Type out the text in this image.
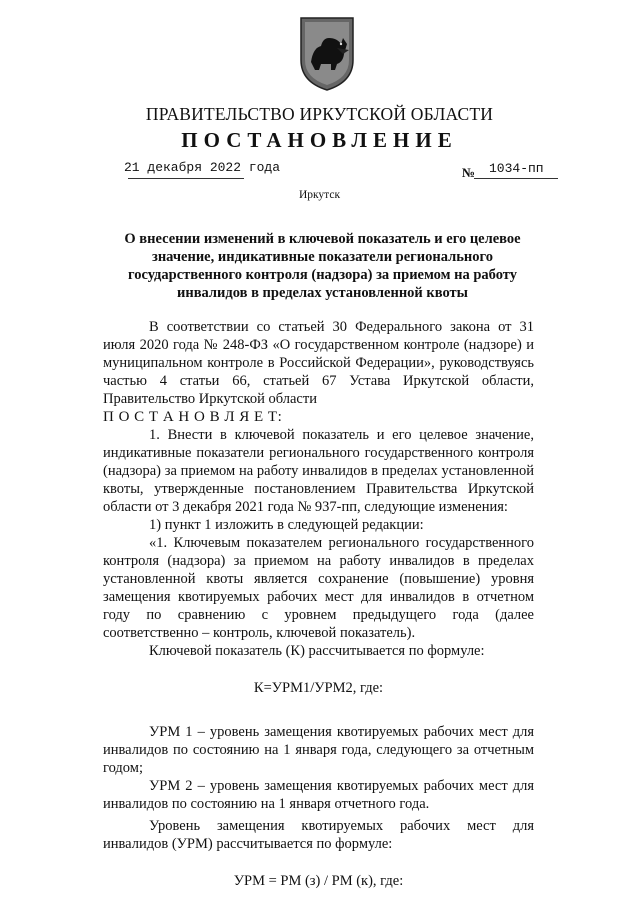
ПРАВИТЕЛЬСТВО ИРКУТСКОЙ ОБЛАСТИ
ПОСТАНОВЛЕНИЕ
21 декабря 2022 года	№ 1034-пп
Иркутск
О внесении изменений в ключевой показатель и его целевое значение, индикативные показатели регионального государственного контроля (надзора) за приемом на работу инвалидов в пределах установленной квоты

В соответствии со статьей 30 Федерального закона от 31 июля 2020 года № 248-ФЗ «О государственном контроле (надзоре) и муниципальном контроле в Российской Федерации», руководствуясь частью 4 статьи 66, статьей 67 Устава Иркутской области, Правительство Иркутской области

П О С Т А Н О В Л Я Е Т:

1. Внести в ключевой показатель и его целевое значение, индикативные показатели регионального государственного контроля (надзора) за приемом на работу инвалидов в пределах установленной квоты, утвержденные постановлением Правительства Иркутской области от 3 декабря 2021 года № 937-пп, следующие изменения:

1) пункт 1 изложить в следующей редакции:

«1. Ключевым показателем регионального государственного контроля (надзора) за приемом на работу инвалидов в пределах установленной квоты является сохранение (повышение) уровня замещения квотируемых рабочих мест для инвалидов в отчетном году по сравнению с уровнем предыдущего года (далее соответственно – контроль, ключевой показатель).

Ключевой показатель (К) рассчитывается по формуле:

К=УРМ1/УРМ2, где:

УРМ 1 – уровень замещения квотируемых рабочих мест для инвалидов по состоянию на 1 января года, следующего за отчетным годом;

УРМ 2 – уровень замещения квотируемых рабочих мест для инвалидов по состоянию на 1 января отчетного года.

Уровень замещения квотируемых рабочих мест для инвалидов (УРМ) рассчитывается по формуле:

УРМ = РМ (з) / РМ (к), где:
